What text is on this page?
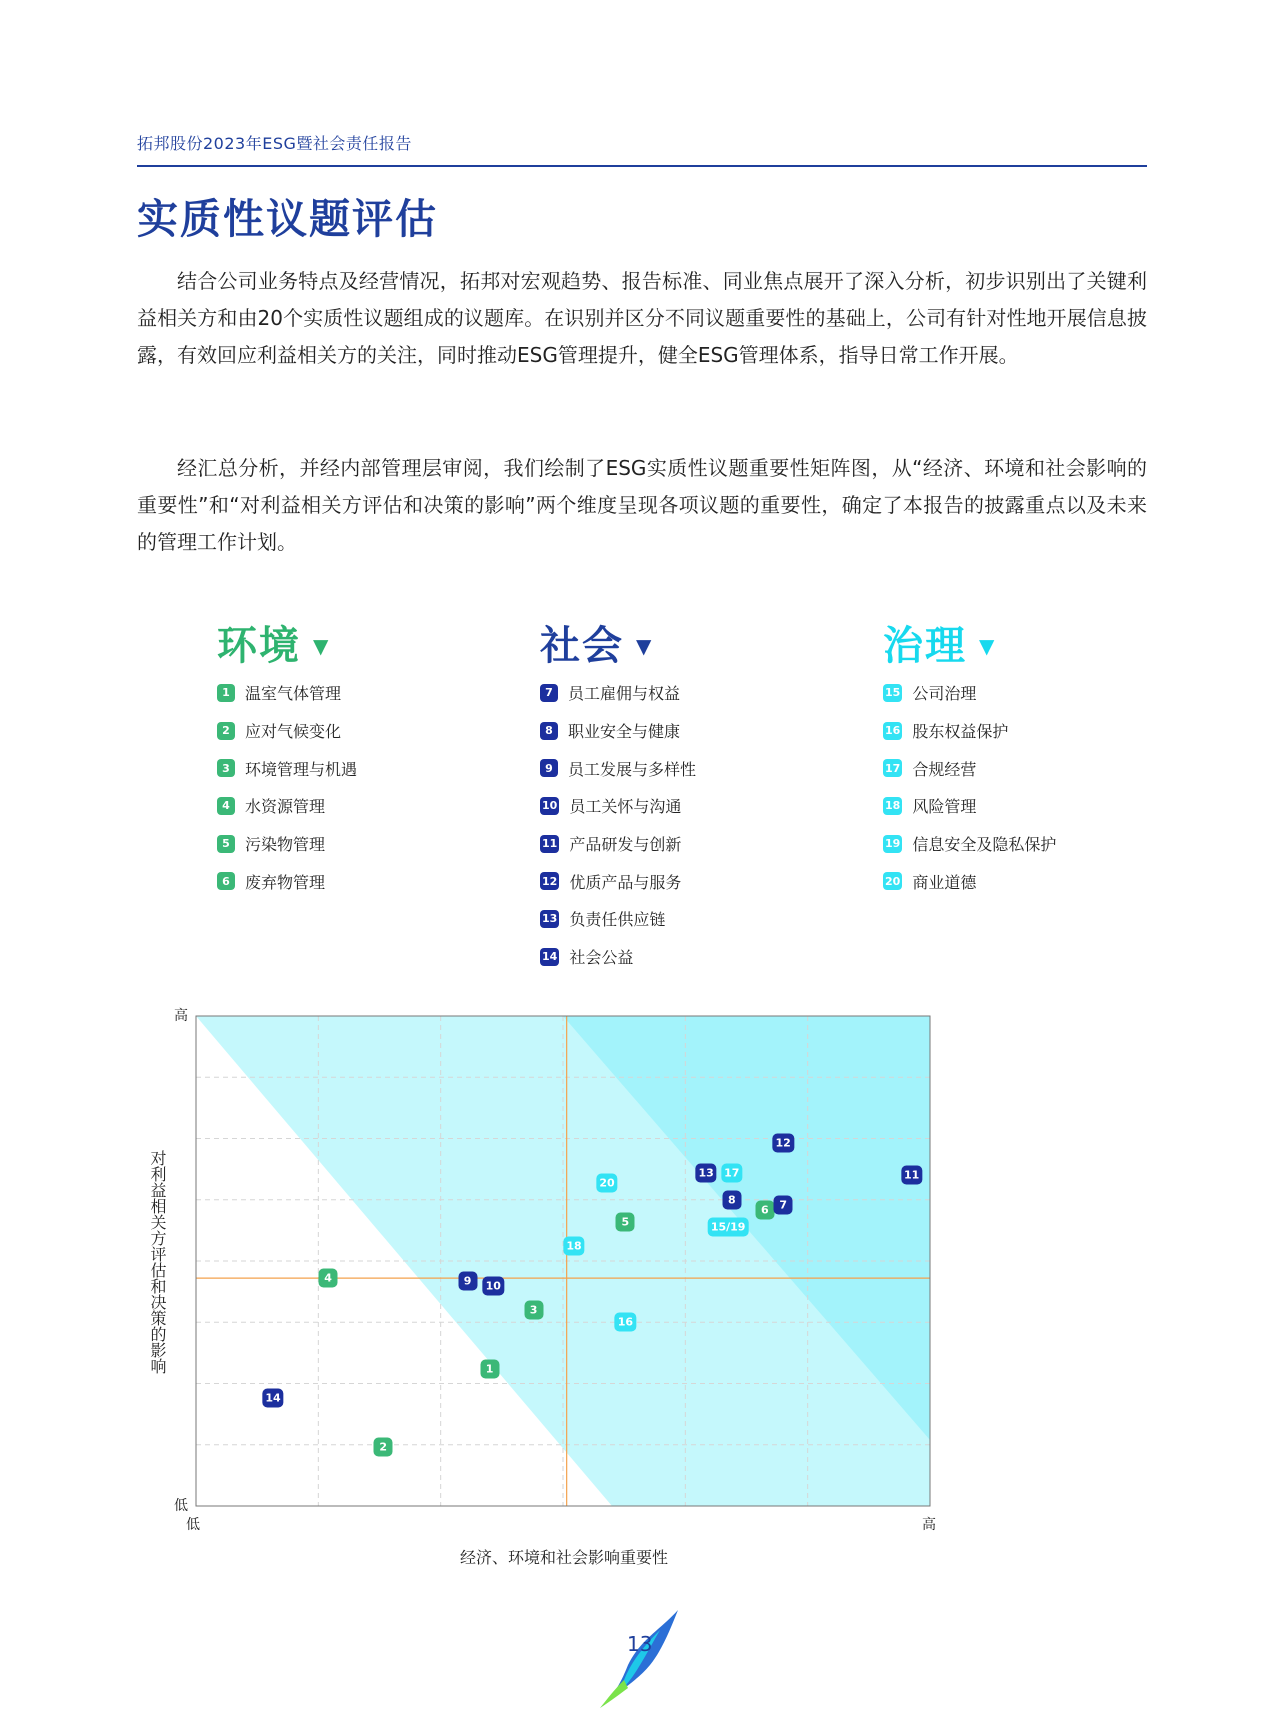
拓邦股份2023年ESG暨社会责任报告
实质性议题评估

结合公司业务特点及经营情况，拓邦对宏观趋势、报告标准、同业焦点展开了深入分析，初步识别出了关键利益相关方和由20个实质性议题组成的议题库。在识别并区分不同议题重要性的基础上，公司有针对性地开展信息披露，有效回应利益相关方的关注，同时推动ESG管理提升，健全ESG管理体系，指导日常工作开展。

经汇总分析，并经内部管理层审阅，我们绘制了ESG实质性议题重要性矩阵图，从“经济、环境和社会影响的重要性”和“对利益相关方评估和决策的影响”两个维度呈现各项议题的重要性，确定了本报告的披露重点以及未来的管理工作计划。

环境 ▼
1 温室气体管理
2 应对气候变化
3 环境管理与机遇
4 水资源管理
5 污染物管理
6 废弃物管理
社会 ▼
7 员工雇佣与权益
8 职业安全与健康
9 员工发展与多样性
10 员工关怀与沟通
11 产品研发与创新
12 优质产品与服务
13 负责任供应链
14 社会公益
治理 ▼
15 公司治理
16 股东权益保护
17 合规经营
18 风险管理
19 信息安全及隐私保护
20 商业道德
高
低
低	高
对利益相关方评估和决策的影响
经济、环境和社会影响重要性
1
2
3
4
5
6 7
8
9	10
11
12
13
14
15/19
16
17
18
20
13
